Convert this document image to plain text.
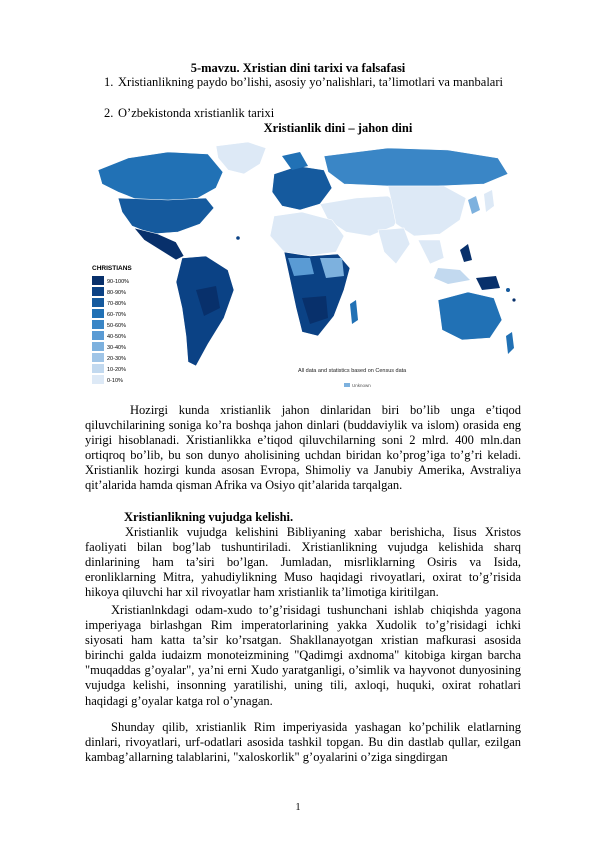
5-mavzu. Xristian dini tarixi va falsafasi
1. Xristianlikning paydo bo’lishi, asosiy yo’nalishlari, ta’limotlari va manbalari
2. O’zbekistonda xristianlik tarixi
Xristianlik dini – jahon dini
CHRISTIANS
90-100%
80-90%
70-80%
60-70%
50-60%
40-50%
30-40%
20-30%
10-20%
0-10%
All data and statistics based on Census data
Unknown
Hozirgi kunda xristianlik jahon dinlaridan biri bo’lib unga e’tiqod qiluvchilarining soniga ko’ra boshqa jahon dinlari (buddaviylik va islom) orasida eng yirigi hisoblanadi. Xristianlikka e’tiqod qiluvchilarning soni 2 mlrd. 400 mln.dan ortiqroq bo’lib, bu son dunyo aholisining uchdan biridan ko’prog’iga to’g’ri keladi. Xristianlik hozirgi kunda asosan Evropa, Shimoliy va Janubiy Amerika, Avstraliya qit’alarida hamda qisman Afrika va Osiyo qit’alarida tarqalgan.
Xristianlikning vujudga kelishi.
Xristianlik vujudga kelishini Bibliyaning xabar berishicha, Iisus Xristos faoliyati bilan bog’lab tushuntiriladi. Xristianlikning vujudga kelishida sharq dinlarining ham ta’siri bo’lgan. Jumladan, misrliklarning Osiris va Isida, eronliklarning Mitra, yahudiylikning Muso haqidagi rivoyatlari, oxirat to’g’risida hikoya qiluvchi har xil rivoyatlar ham xristianlik ta’limotiga kiritilgan.
Xristianlnkdagi odam-xudo to’g’risidagi tushunchani ishlab chiqishda yagona imperiyaga birlashgan Rim imperatorlarining yakka Xudolik to’g’risidagi ichki siyosati ham katta ta’sir ko’rsatgan. Shakllanayotgan xristian mafkurasi asosida birinchi galda iudaizm monoteizmining "Qadimgi axdnoma" kitobiga kirgan barcha "muqaddas g’oyalar", ya’ni erni Xudo yaratganligi, o’simlik va hayvonot dunyosining vujudga kelishi, insonning yaratilishi, uning tili, axloqi, huquki, oxirat rohatlari haqidagi g’oyalar katga rol o’ynagan.
Shunday qilib, xristianlik Rim imperiyasida yashagan ko’pchilik elatlarning dinlari, rivoyatlari, urf-odatlari asosida tashkil topgan. Bu din dastlab qullar, ezilgan kambag’allarning talablarini, "xaloskorlik" g’oyalarini o’ziga singdirgan
1
